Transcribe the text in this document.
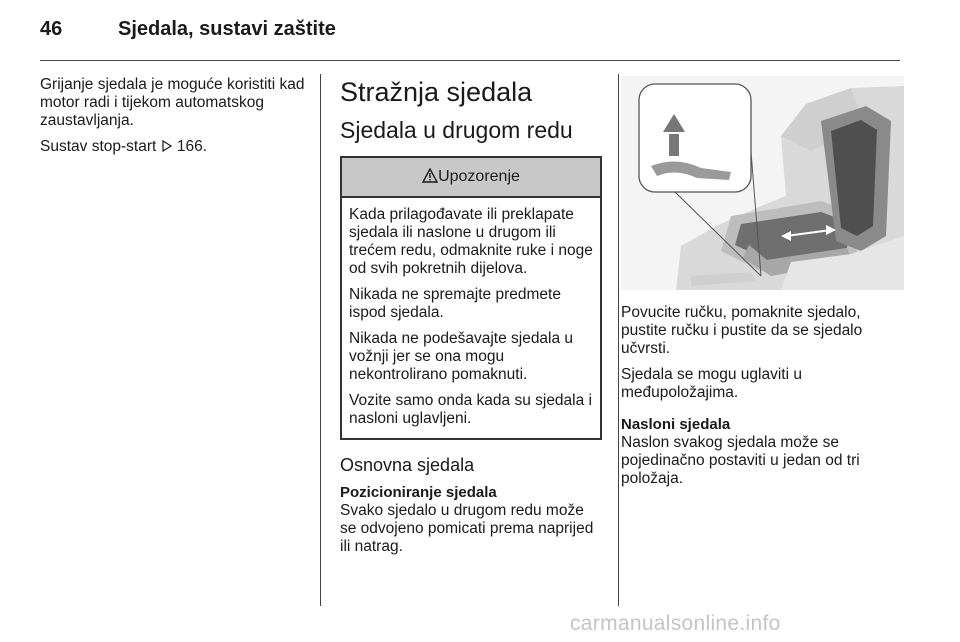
46	Sjedala, sustavi zaštite

Grijanje sjedala je moguće koristiti kad motor radi i tijekom automatskog zaustavljanja.

Sustav stop-start 166.

Stražnja sjedala
Sjedala u drugom redu
Upozorenje

Kada prilagođavate ili preklapate sjedala ili naslone u drugom ili trećem redu, odmaknite ruke i noge od svih pokretnih dijelova.

Nikada ne spremajte predmete ispod sjedala.

Nikada ne podešavajte sjedala u vožnji jer se ona mogu nekontrolirano pomaknuti.

Vozite samo onda kada su sjedala i nasloni uglavljeni.

Osnovna sjedala
Pozicioniranje sjedala

Svako sjedalo u drugom redu može se odvojeno pomicati prema naprijed ili natrag.

Povucite ručku, pomaknite sjedalo, pustite ručku i pustite da se sjedalo učvrsti.

Sjedala se mogu uglaviti u međupoložajima.

Nasloni sjedala

Naslon svakog sjedala može se pojedinačno postaviti u jedan od tri položaja.

carmanualsonline.info
